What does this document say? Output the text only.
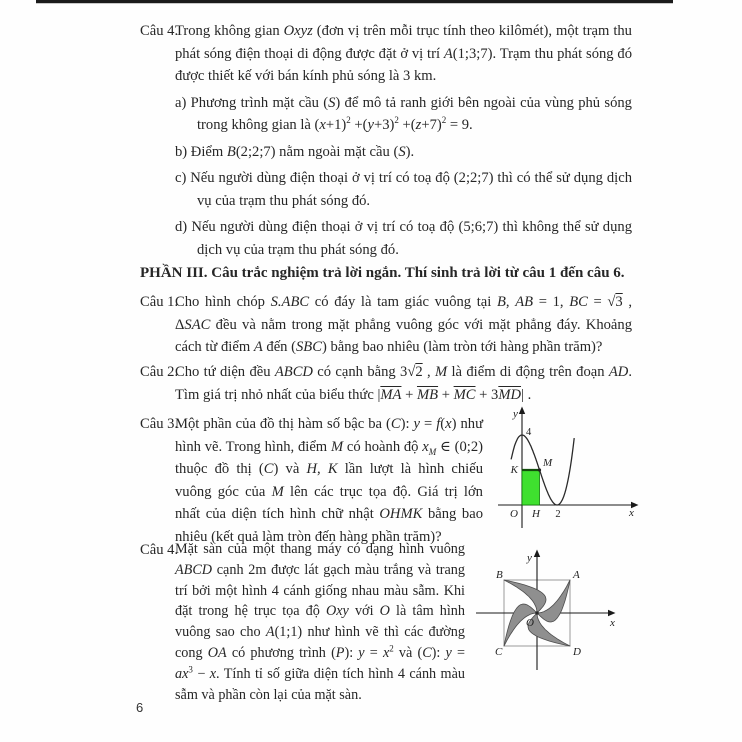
Câu 4.

Trong không gian Oxyz (đơn vị trên mỗi trục tính theo kilômét), một trạm thu phát sóng điện thoại di động được đặt ở vị trí A(1;3;7). Trạm thu phát sóng đó được thiết kế với bán kính phủ sóng là 3 km.

a) Phương trình mặt cầu (S) để mô tả ranh giới bên ngoài của vùng phủ sóng trong không gian là $(x+1)^2 +(y+3)^2 +(z+7)^2 = 9$.

b) Điểm B(2;2;7) nằm ngoài mặt cầu (S).

c) Nếu người dùng điện thoại ở vị trí có toạ độ (2;2;7) thì có thể sử dụng dịch vụ của trạm thu phát sóng đó.

d) Nếu người dùng điện thoại ở vị trí có toạ độ (5;6;7) thì không thể sử dụng dịch vụ của trạm thu phát sóng đó.

PHẦN III. Câu trắc nghiệm trả lời ngắn. Thí sinh trả lời từ câu 1 đến câu 6.
Câu 1.

Cho hình chóp S.ABC có đáy là tam giác vuông tại B, AB = 1, BC = √3 , ΔSAC đều và nằm trong mặt phẳng vuông góc với mặt phẳng đáy. Khoảng cách từ điểm A đến (SBC) bằng bao nhiêu (làm tròn tới hàng phần trăm)?

Câu 2.

Cho tứ diện đều ABCD có cạnh bằng 3√2 , M là điểm di động trên đoạn AD. Tìm giá trị nhỏ nhất của biểu thức $|\overline{MA} + \overline{MB} + \overline{MC} + 3\overline{MD}|$ .

Câu 3.

Một phần của đồ thị hàm số bậc ba (C): y = f(x) như hình vẽ. Trong hình, điểm M có hoành độ $x_M$ ∈ (0;2) thuộc đồ thị (C) và H, K lần lượt là hình chiếu vuông góc của M lên các trục tọa độ. Giá trị lớn nhất của diện tích hình chữ nhật OHMK bằng bao nhiêu (kết quả làm tròn đến hàng phần trăm)?

y
4
K
M
O H 2	x
Câu 4.

Mặt sàn của một thang máy có dạng hình vuông ABCD cạnh 2m được lát gạch màu trắng và trang trí bởi một hình 4 cánh giống nhau màu sẫm. Khi đặt trong hệ trục tọa độ Oxy với O là tâm hình vuông sao cho A(1;1) như hình vẽ thì các đường cong OA có phương trình (P): $y = x^2$ và (C): $y = ax^3 - x$. Tính tỉ số giữa diện tích hình 4 cánh màu sẫm và phần còn lại của mặt sàn.

y
x
O
B	A
C	D
6
